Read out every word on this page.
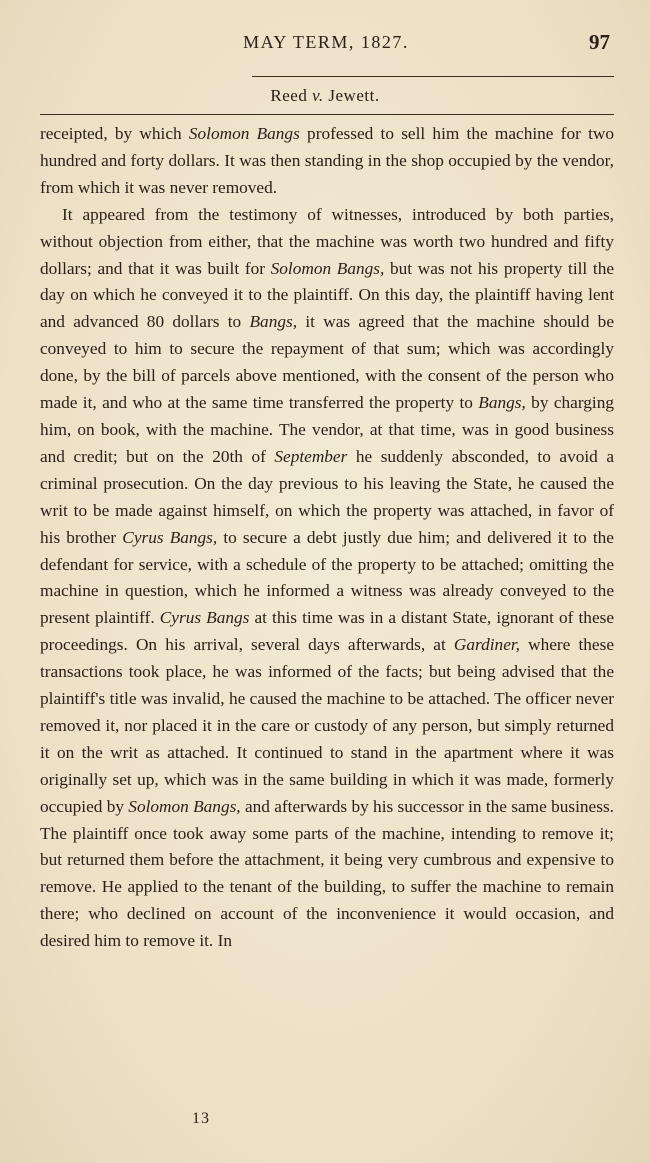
MAY TERM, 1827.	97
Reed v. Jewett.

receipted, by which Solomon Bangs professed to sell him the machine for two hundred and forty dollars. It was then standing in the shop occupied by the vendor, from which it was never removed.

It appeared from the testimony of witnesses, introduced by both parties, without objection from either, that the machine was worth two hundred and fifty dollars; and that it was built for Solomon Bangs, but was not his property till the day on which he conveyed it to the plaintiff. On this day, the plaintiff having lent and advanced 80 dollars to Bangs, it was agreed that the machine should be conveyed to him to secure the repayment of that sum; which was accordingly done, by the bill of parcels above mentioned, with the consent of the person who made it, and who at the same time transferred the property to Bangs, by charging him, on book, with the machine. The vendor, at that time, was in good business and credit; but on the 20th of September he suddenly absconded, to avoid a criminal prosecution. On the day previous to his leaving the State, he caused the writ to be made against himself, on which the property was attached, in favor of his brother Cyrus Bangs, to secure a debt justly due him; and delivered it to the defendant for service, with a schedule of the property to be attached; omitting the machine in question, which he informed a witness was already conveyed to the present plaintiff. Cyrus Bangs at this time was in a distant State, ignorant of these proceedings. On his arrival, several days afterwards, at Gardiner, where these transactions took place, he was informed of the facts; but being advised that the plaintiff's title was invalid, he caused the machine to be attached. The officer never removed it, nor placed it in the care or custody of any person, but simply returned it on the writ as attached. It continued to stand in the apartment where it was originally set up, which was in the same building in which it was made, formerly occupied by Solomon Bangs, and afterwards by his successor in the same business. The plaintiff once took away some parts of the machine, intending to remove it; but returned them before the attachment, it being very cumbrous and expensive to remove. He applied to the tenant of the building, to suffer the machine to remain there; who declined on account of the inconvenience it would occasion, and desired him to remove it. In

13
